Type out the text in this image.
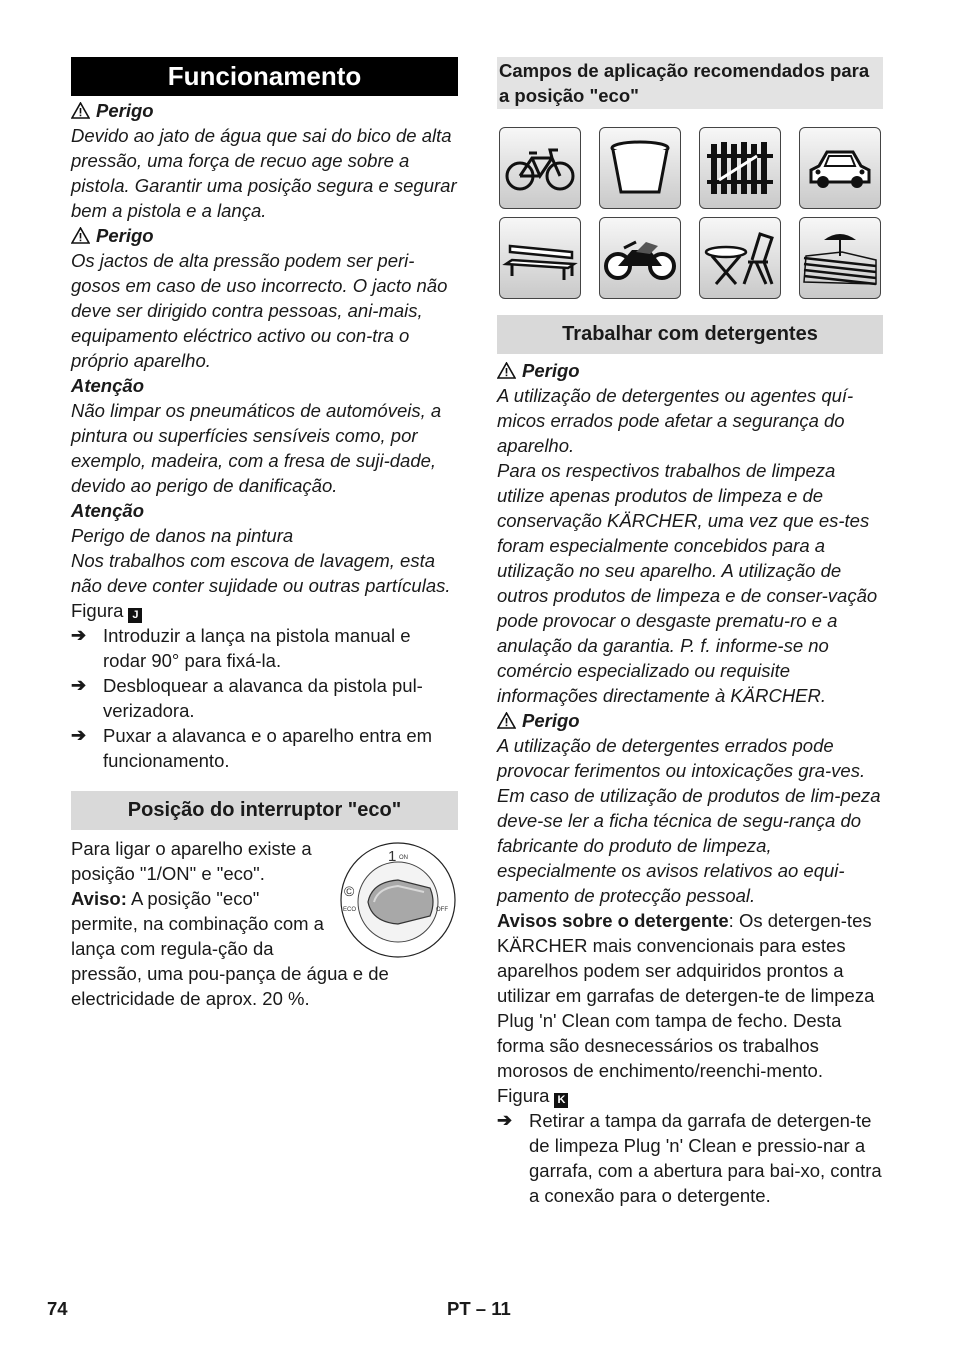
Funcionamento

Perigo

Devido ao jato de água que sai do bico de alta pressão, uma força de recuo age sobre a pistola. Garantir uma posição segura e segurar bem a pistola e a lança.

Perigo

Os jactos de alta pressão podem ser peri-gosos em caso de uso incorrecto. O jacto não deve ser dirigido contra pessoas, ani-mais, equipamento eléctrico activo ou con-tra o próprio aparelho.

Atenção

Não limpar os pneumáticos de automóveis, a pintura ou superfícies sensíveis como, por exemplo, madeira, com a fresa de suji-dade, devido ao perigo de danificação.

Atenção

Perigo de danos na pintura

Nos trabalhos com escova de lavagem, esta não deve conter sujidade ou outras partículas.

Figura J

➔ Introduzir a lança na pistola manual e rodar 90° para fixá-la.
➔ Desbloquear a alavanca da pistola pul-verizadora.
➔ Puxar a alavanca e o aparelho entra em funcionamento.
Posição do interruptor "eco"
1 ON
©
ECO	OFF

Para ligar o aparelho existe a posição "1/ON" e "eco".

Aviso: A posição "eco" permite, na combinação com a lança com regula-ção da pressão, uma pou-pança de água e de electricidade de aprox. 20 %.

Campos de aplicação recomendados para a posição "eco"
Trabalhar com detergentes

Perigo

A utilização de detergentes ou agentes quí-micos errados pode afetar a segurança do aparelho.

Para os respectivos trabalhos de limpeza utilize apenas produtos de limpeza e de conservação KÄRCHER, uma vez que es-tes foram especialmente concebidos para a utilização no seu aparelho. A utilização de outros produtos de limpeza e de conser-vação pode provocar o desgaste prematu-ro e a anulação da garantia. P. f. informe-se no comércio especializado ou requisite informações directamente à KÄRCHER.

Perigo

A utilização de detergentes errados pode provocar ferimentos ou intoxicações gra-ves.

Em caso de utilização de produtos de lim-peza deve-se ler a ficha técnica de segu-rança do fabricante do produto de limpeza, especialmente os avisos relativos ao equi-pamento de protecção pessoal.

Avisos sobre o detergente: Os detergen-tes KÄRCHER mais convencionais para estes aparelhos podem ser adquiridos prontos a utilizar em garrafas de detergen-te de limpeza Plug 'n' Clean com tampa de fecho. Desta forma são desnecessários os trabalhos morosos de enchimento/reenchi-mento.

Figura K

➔ Retirar a tampa da garrafa de detergen-te de limpeza Plug 'n' Clean e pressio-nar a garrafa, com a abertura para bai-xo, contra a conexão para o detergente.
74	PT – 11
